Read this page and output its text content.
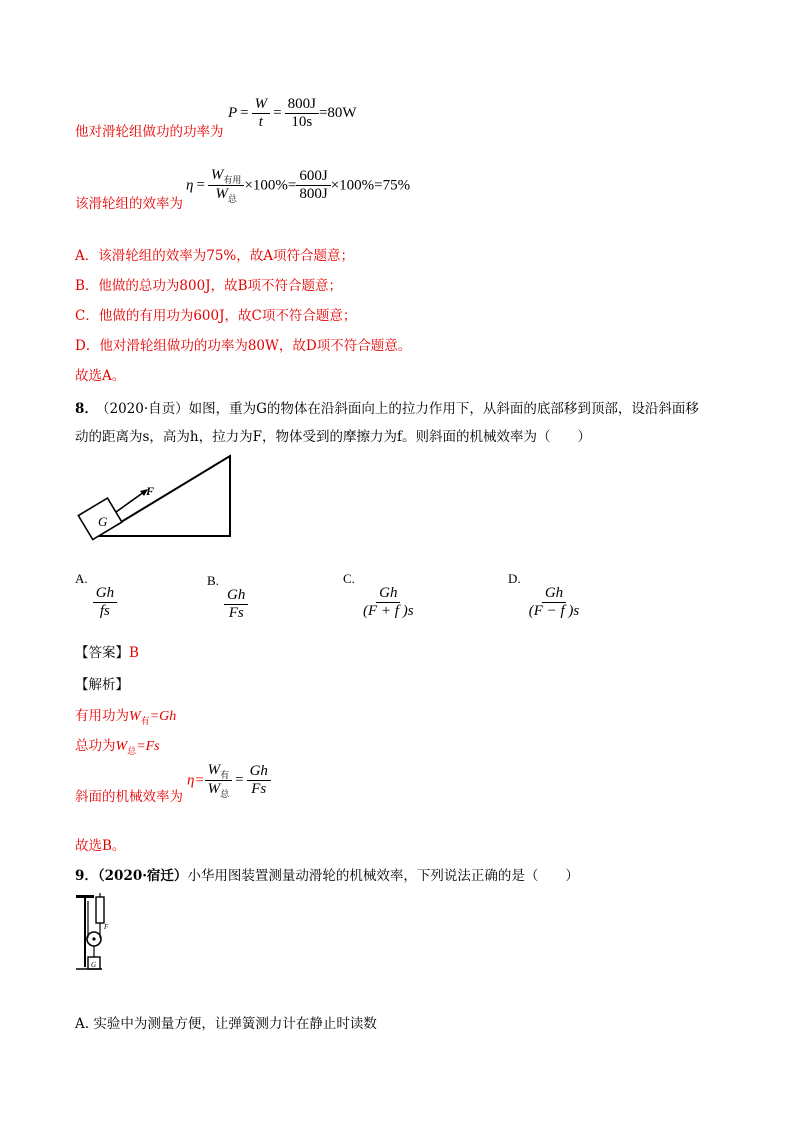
他对滑轮组做功的功率为
$P = \frac{W}{t} = \frac{800J}{10s} =80W$
该滑轮组的效率为
$\eta = \frac{W_{有用}}{W_总} \times 100\%= \frac{600J}{800J} \times 100\%=75\%$
A．该滑轮组的效率为75%，故A项符合题意；
B．他做的总功为800J，故B项不符合题意；
C．他做的有用功为600J，故C项不符合题意；
D．他对滑轮组做功的功率为80W，故D项不符合题意。
故选A。
8．
（2020·自贡）如图，重为G的物体在沿斜面向上的拉力作用下，从斜面的底部移到顶部，设沿斜面移
动的距离为s，高为h，拉力为F，物体受到的摩擦力为f。则斜面的机械效率为（　　）
G
F
A.
$\frac{Gh}{fs}$
B.
$\frac{Gh}{Fs}$
C.
$\frac{Gh}{(F + f )s}$
D.
$\frac{Gh}{(F - f )s}$
【答案】B
【解析】
有用功为$W_有=Gh$
总功为$W_总=Fs$
斜面的机械效率为
$\eta= \frac{W_有}{W_总} = \frac{Gh}{Fs}$
故选B。
9．（2020·宿迁）小华用图装置测量动滑轮的机械效率，下列说法正确的是（　　）
G
F
A. 实验中为测量方便，让弹簧测力计在静止时读数
